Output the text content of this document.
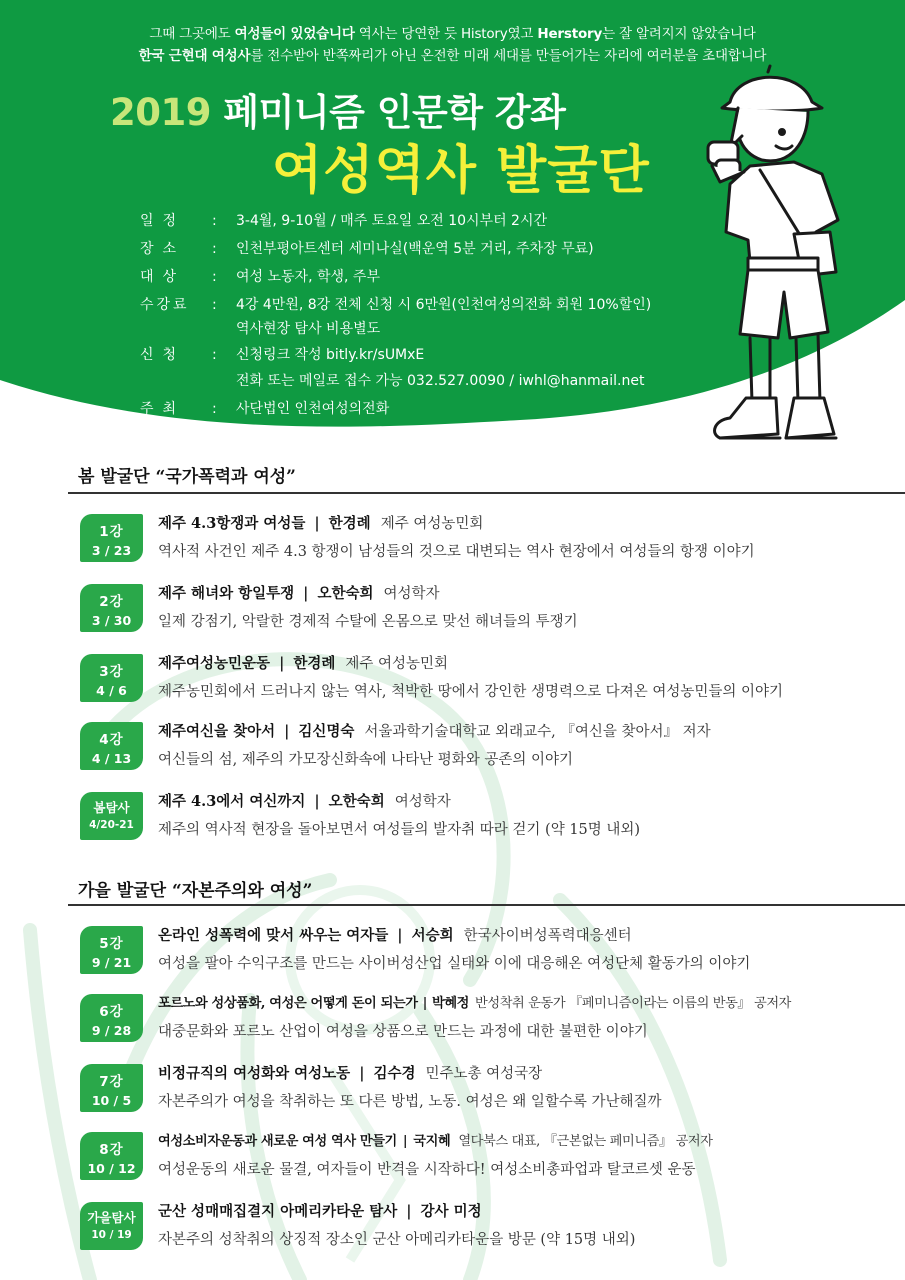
그때 그곳에도 여성들이 있었습니다 역사는 당연한 듯 History였고 Herstory는 잘 알려지지 않았습니다
한국 근현대 여성사를 전수받아 반쪽짜리가 아닌 온전한 미래 세대를 만들어가는 자리에 여러분을 초대합니다
2019 페미니즘 인문학 강좌
여성역사 발굴단
일정 : 3-4월, 9-10월 / 매주 토요일 오전 10시부터 2시간
장소 : 인천부평아트센터 세미나실(백운역 5분 거리, 주차장 무료)
대상 : 여성 노동자, 학생, 주부
수강료 : 4강 4만원, 8강 전체 신청 시 6만원(인천여성의전화 회원 10%할인)
역사현장 탐사 비용별도
신청 : 신청링크 작성 bitly.kr/sUMxE
전화 또는 메일로 접수 가능 032.527.0090 / iwhl@hanmail.net
주최 : 사단법인 인천여성의전화
봄 발굴단 “국가폭력과 여성”
1강
3 / 23
제주 4.3항쟁과 여성들 | 한경례 제주 여성농민회
역사적 사건인 제주 4.3 항쟁이 남성들의 것으로 대변되는 역사 현장에서 여성들의 항쟁 이야기
2강
3 / 30
제주 해녀와 항일투쟁 | 오한숙희 여성학자
일제 강점기, 악랄한 경제적 수탈에 온몸으로 맞선 해녀들의 투쟁기
3강
4 / 6
제주여성농민운동 | 한경례 제주 여성농민회
제주농민회에서 드러나지 않는 역사, 척박한 땅에서 강인한 생명력으로 다져온 여성농민들의 이야기
4강
4 / 13
제주여신을 찾아서 | 김신명숙 서울과학기술대학교 외래교수, 『여신을 찾아서』 저자
여신들의 섬, 제주의 가모장신화속에 나타난 평화와 공존의 이야기
봄탐사
4/20-21
제주 4.3에서 여신까지 | 오한숙희 여성학자
제주의 역사적 현장을 돌아보면서 여성들의 발자취 따라 걷기 (약 15명 내외)
가을 발굴단 “자본주의와 여성”
5강
9 / 21
온라인 성폭력에 맞서 싸우는 여자들 | 서승희 한국사이버성폭력대응센터
여성을 팔아 수익구조를 만드는 사이버성산업 실태와 이에 대응해온 여성단체 활동가의 이야기
6강
9 / 28
포르노와 성상품화, 여성은 어떻게 돈이 되는가 | 박혜정 반성착취 운동가 『페미니즘이라는 이름의 반동』 공저자
대중문화와 포르노 산업이 여성을 상품으로 만드는 과정에 대한 불편한 이야기
7강
10 / 5
비정규직의 여성화와 여성노동 | 김수경 민주노총 여성국장
자본주의가 여성을 착취하는 또 다른 방법, 노동. 여성은 왜 일할수록 가난해질까
8강
10 / 12
여성소비자운동과 새로운 여성 역사 만들기 | 국지혜 열다북스 대표, 『근본없는 페미니즘』 공저자
여성운동의 새로운 물결, 여자들이 반격을 시작하다! 여성소비총파업과 탈코르셋 운동
가을탐사
10 / 19
군산 성매매집결지 아메리카타운 탐사 | 강사 미정
자본주의 성착취의 상징적 장소인 군산 아메리카타운을 방문 (약 15명 내외)
